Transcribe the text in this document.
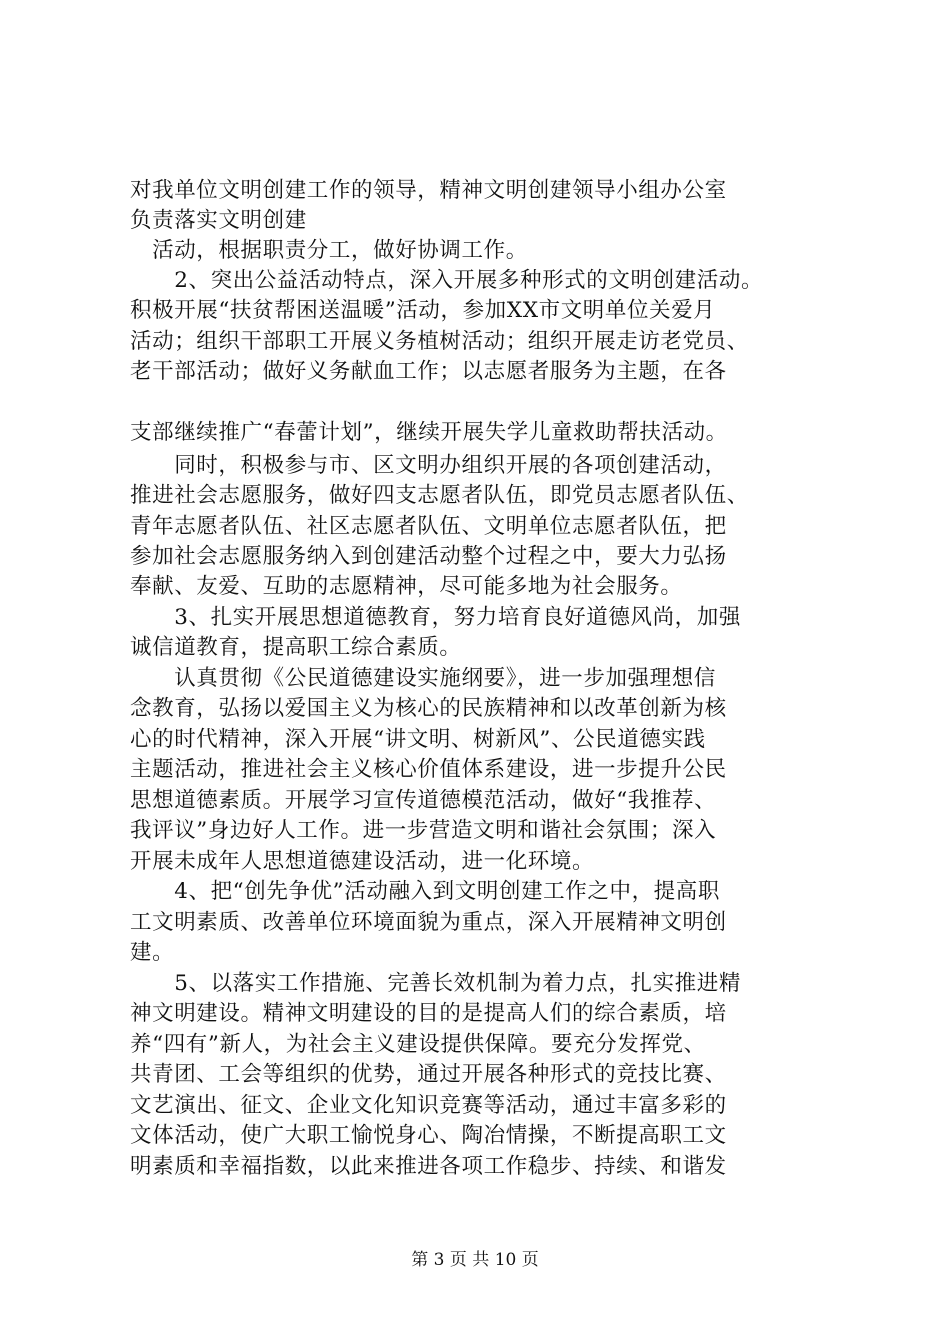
对我单位文明创建工作的领导，精神文明创建领导小组办公室
负责落实文明创建
　活动，根据职责分工，做好协调工作。
　　2、突出公益活动特点，深入开展多种形式的文明创建活动。
积极开展“扶贫帮困送温暖”活动，参加XX市文明单位关爱月
活动；组织干部职工开展义务植树活动；组织开展走访老党员、
老干部活动；做好义务献血工作；以志愿者服务为主题，在各
支部继续推广“春蕾计划”，继续开展失学儿童救助帮扶活动。
　　同时，积极参与市、区文明办组织开展的各项创建活动，
推进社会志愿服务，做好四支志愿者队伍，即党员志愿者队伍、
青年志愿者队伍、社区志愿者队伍、文明单位志愿者队伍，把
参加社会志愿服务纳入到创建活动整个过程之中，要大力弘扬
奉献、友爱、互助的志愿精神，尽可能多地为社会服务。
　　3、扎实开展思想道德教育，努力培育良好道德风尚，加强
诚信道教育，提高职工综合素质。
　　认真贯彻《公民道德建设实施纲要》，进一步加强理想信
念教育，弘扬以爱国主义为核心的民族精神和以改革创新为核
心的时代精神，深入开展“讲文明、树新风”、公民道德实践
主题活动，推进社会主义核心价值体系建设，进一步提升公民
思想道德素质。开展学习宣传道德模范活动，做好“我推荐、
我评议”身边好人工作。进一步营造文明和谐社会氛围；深入
开展未成年人思想道德建设活动，进一化环境。
　　4、把“创先争优”活动融入到文明创建工作之中，提高职
工文明素质、改善单位环境面貌为重点，深入开展精神文明创
建。
　　5、以落实工作措施、完善长效机制为着力点，扎实推进精
神文明建设。精神文明建设的目的是提高人们的综合素质，培
养“四有”新人，为社会主义建设提供保障。要充分发挥党、
共青团、工会等组织的优势，通过开展各种形式的竞技比赛、
文艺演出、征文、企业文化知识竞赛等活动，通过丰富多彩的
文体活动，使广大职工愉悦身心、陶冶情操，不断提高职工文
明素质和幸福指数，以此来推进各项工作稳步、持续、和谐发
第 3 页 共 10 页
